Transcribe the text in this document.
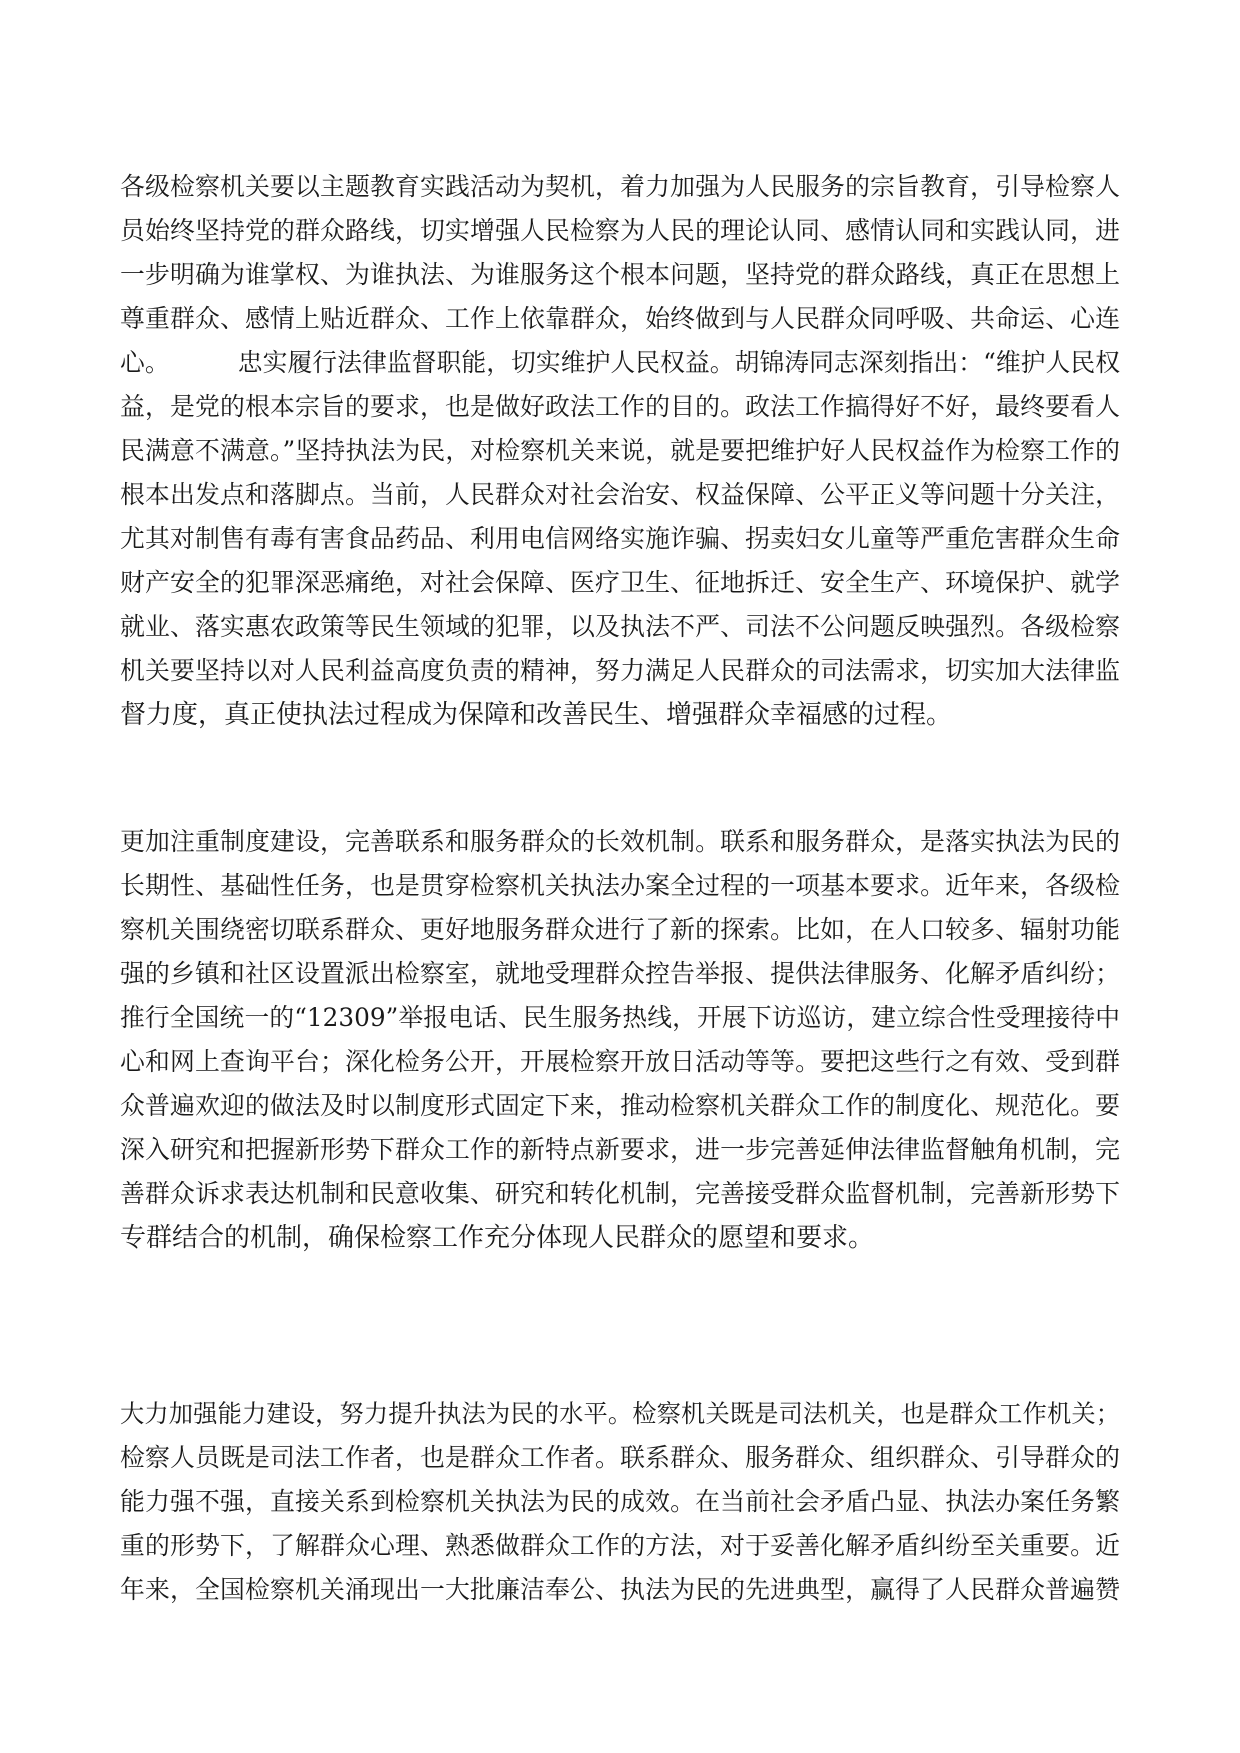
各级检察机关要以主题教育实践活动为契机，着力加强为人民服务的宗旨教育，引导检察人
员始终坚持党的群众路线，切实增强人民检察为人民的理论认同、感情认同和实践认同，进
一步明确为谁掌权、为谁执法、为谁服务这个根本问题，坚持党的群众路线，真正在思想上
尊重群众、感情上贴近群众、工作上依靠群众，始终做到与人民群众同呼吸、共命运、心连
心。	忠实履行法律监督职能，切实维护人民权益。胡锦涛同志深刻指出：“维护人民权
益，是党的根本宗旨的要求，也是做好政法工作的目的。政法工作搞得好不好，最终要看人
民满意不满意。”坚持执法为民，对检察机关来说，就是要把维护好人民权益作为检察工作的
根本出发点和落脚点。当前，人民群众对社会治安、权益保障、公平正义等问题十分关注，
尤其对制售有毒有害食品药品、利用电信网络实施诈骗、拐卖妇女儿童等严重危害群众生命
财产安全的犯罪深恶痛绝，对社会保障、医疗卫生、征地拆迁、安全生产、环境保护、就学
就业、落实惠农政策等民生领域的犯罪，以及执法不严、司法不公问题反映强烈。各级检察
机关要坚持以对人民利益高度负责的精神，努力满足人民群众的司法需求，切实加大法律监
督力度，真正使执法过程成为保障和改善民生、增强群众幸福感的过程。
更加注重制度建设，完善联系和服务群众的长效机制。联系和服务群众，是落实执法为民的
长期性、基础性任务，也是贯穿检察机关执法办案全过程的一项基本要求。近年来，各级检
察机关围绕密切联系群众、更好地服务群众进行了新的探索。比如，在人口较多、辐射功能
强的乡镇和社区设置派出检察室，就地受理群众控告举报、提供法律服务、化解矛盾纠纷；
推行全国统一的“12309”举报电话、民生服务热线，开展下访巡访，建立综合性受理接待中
心和网上查询平台；深化检务公开，开展检察开放日活动等等。要把这些行之有效、受到群
众普遍欢迎的做法及时以制度形式固定下来，推动检察机关群众工作的制度化、规范化。要
深入研究和把握新形势下群众工作的新特点新要求，进一步完善延伸法律监督触角机制，完
善群众诉求表达机制和民意收集、研究和转化机制，完善接受群众监督机制，完善新形势下
专群结合的机制，确保检察工作充分体现人民群众的愿望和要求。
大力加强能力建设，努力提升执法为民的水平。检察机关既是司法机关，也是群众工作机关；
检察人员既是司法工作者，也是群众工作者。联系群众、服务群众、组织群众、引导群众的
能力强不强，直接关系到检察机关执法为民的成效。在当前社会矛盾凸显、执法办案任务繁
重的形势下，了解群众心理、熟悉做群众工作的方法，对于妥善化解矛盾纠纷至关重要。近
年来，全国检察机关涌现出一大批廉洁奉公、执法为民的先进典型，赢得了人民群众普遍赞
